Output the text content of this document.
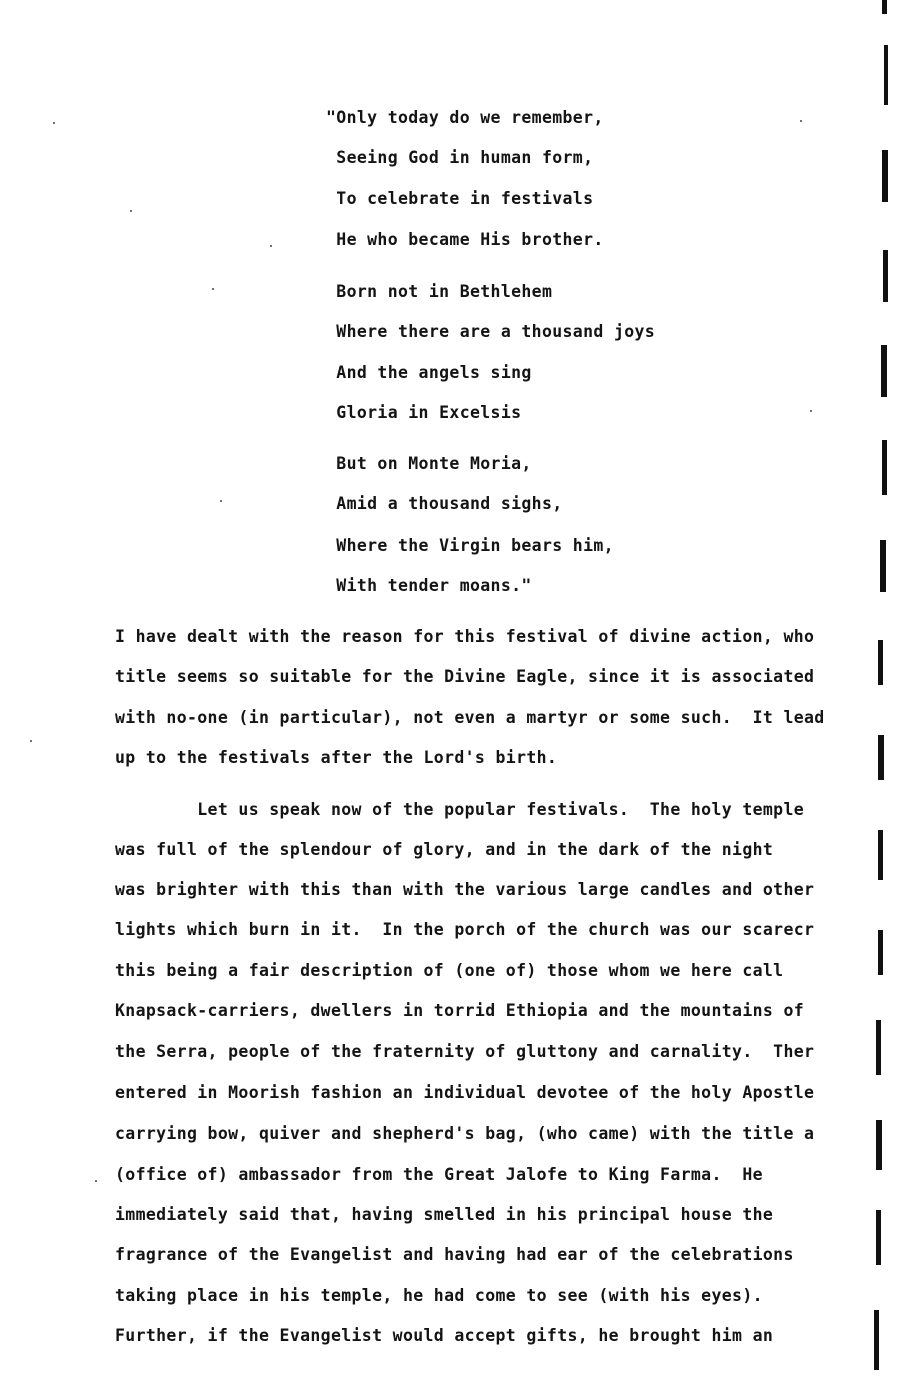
"Only today do we remember,
Seeing God in human form,
To celebrate in festivals
He who became His brother.
Born not in Bethlehem
Where there are a thousand joys
And the angels sing
Gloria in Excelsis
But on Monte Moria,
Amid a thousand sighs,
Where the Virgin bears him,
With tender moans."
I have dealt with the reason for this festival of divine action, who
title seems so suitable for the Divine Eagle, since it is associated
with no-one (in particular), not even a martyr or some such.  It lead
up to the festivals after the Lord's birth.
Let us speak now of the popular festivals.  The holy temple
was full of the splendour of glory, and in the dark of the night
was brighter with this than with the various large candles and other
lights which burn in it.  In the porch of the church was our scarecr
this being a fair description of (one of) those whom we here call
Knapsack-carriers, dwellers in torrid Ethiopia and the mountains of
the Serra, people of the fraternity of gluttony and carnality.  Ther
entered in Moorish fashion an individual devotee of the holy Apostle
carrying bow, quiver and shepherd's bag, (who came) with the title a
(office of) ambassador from the Great Jalofe to King Farma.  He
immediately said that, having smelled in his principal house the
fragrance of the Evangelist and having had ear of the celebrations
taking place in his temple, he had come to see (with his eyes).
Further, if the Evangelist would accept gifts, he brought him an
